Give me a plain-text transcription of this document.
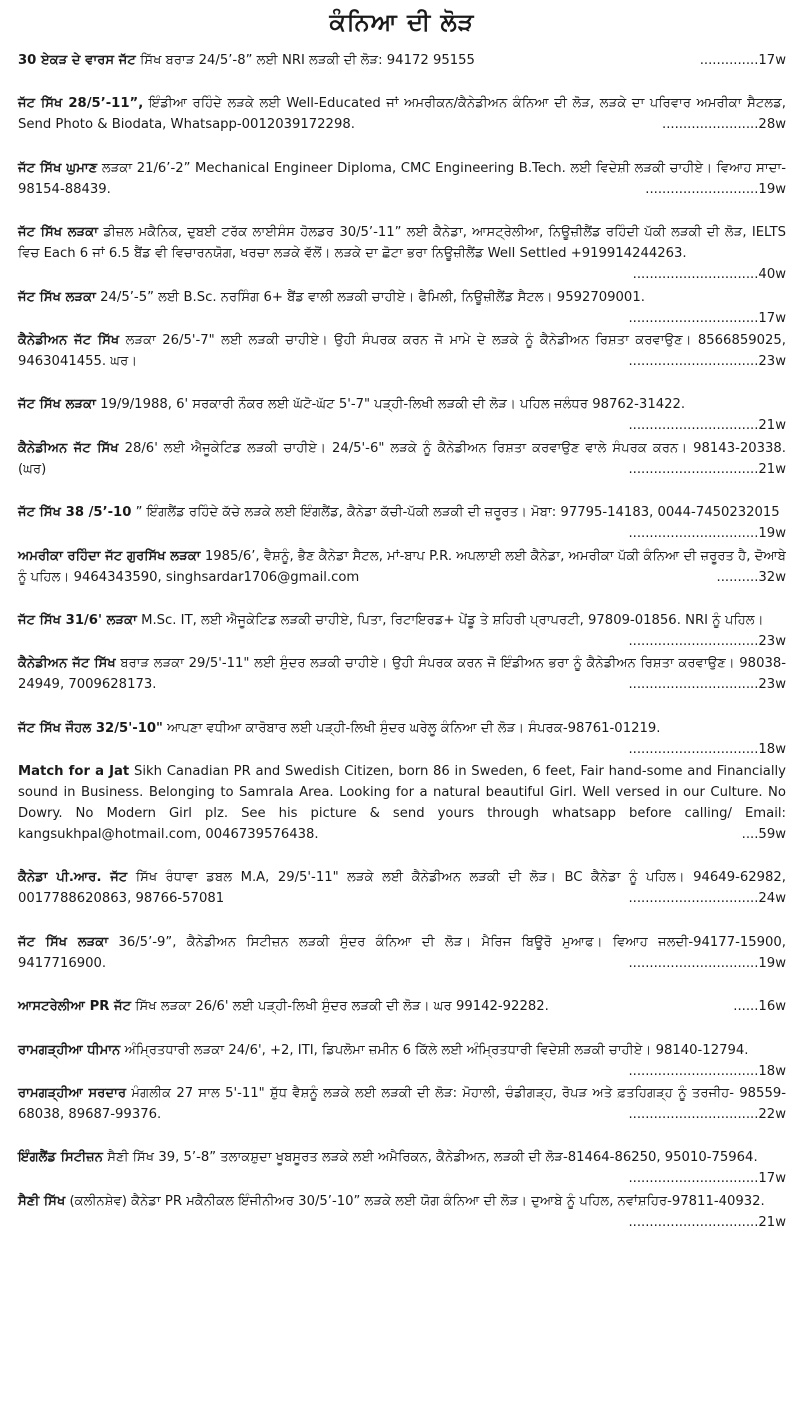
ਕੰਨਿਆ ਦੀ ਲੋੜ
30 ਏਕੜ ਦੇ ਵਾਰਸ ਜੱਟ ਸਿੱਖ ਬਰਾੜ 24/5’-8” ਲਈ NRI ਲੜਕੀ ਦੀ ਲੋੜ: 94172 95155	..............17w
ਜੱਟ ਸਿੱਖ 28/5’-11”, ਇੰਡੀਆ ਰਹਿੰਦੇ ਲੜਕੇ ਲਈ Well-Educated ਜਾਂ ਅਮਰੀਕਨ/ਕੈਨੇਡੀਅਨ ਕੰਨਿਆ ਦੀ ਲੋੜ, ਲੜਕੇ ਦਾ ਪਰਿਵਾਰ ਅਮਰੀਕਾ ਸੈਟਲਡ, Send Photo & Biodata, Whatsapp-0012039172298.	.......................28w
ਜੱਟ ਸਿੱਖ ਘੁਮਾਣ ਲੜਕਾ 21/6’-2” Mechanical Engineer Diploma, CMC Engineering B.Tech. ਲਈ ਵਿਦੇਸ਼ੀ ਲੜਕੀ ਚਾਹੀਏ। ਵਿਆਹ ਸਾਦਾ- 98154-88439.	...........................19w
ਜੱਟ ਸਿੱਖ ਲੜਕਾ ਡੀਜ਼ਲ ਮਕੈਨਿਕ, ਦੁਬਈ ਟਰੱਕ ਲਾਈਸੰਸ ਹੋਲਡਰ 30/5’-11” ਲਈ ਕੈਨੇਡਾ, ਆਸਟ੍ਰੇਲੀਆ, ਨਿਊਜ਼ੀਲੈਂਡ ਰਹਿੰਦੀ ਪੱਕੀ ਲੜਕੀ ਦੀ ਲੋੜ, IELTS ਵਿਚ Each 6 ਜਾਂ 6.5 ਬੈਂਡ ਵੀ ਵਿਚਾਰਨਯੋਗ, ਖਰਚਾ ਲੜਕੇ ਵੱਲੋਂ। ਲੜਕੇ ਦਾ ਛੋਟਾ ਭਰਾ ਨਿਊਜ਼ੀਲੈਂਡ Well Settled +919914244263.
..............................40w
ਜੱਟ ਸਿੱਖ ਲੜਕਾ 24/5’-5” ਲਈ B.Sc. ਨਰਸਿੰਗ 6+ ਬੈਂਡ ਵਾਲੀ ਲੜਕੀ ਚਾਹੀਏ। ਫੈਮਿਲੀ, ਨਿਊਜ਼ੀਲੈਂਡ ਸੈਟਲ। 9592709001.
...............................17w
ਕੈਨੇਡੀਅਨ ਜੱਟ ਸਿੱਖ ਲੜਕਾ 26/5'-7" ਲਈ ਲੜਕੀ ਚਾਹੀਏ। ਉਹੀ ਸੰਪਰਕ ਕਰਨ ਜੋ ਮਾਮੇ ਦੇ ਲੜਕੇ ਨੂੰ ਕੈਨੇਡੀਅਨ ਰਿਸ਼ਤਾ ਕਰਵਾਉਣ। 8566859025, 9463041455. ਘਰ।	...............................23w
ਜੱਟ ਸਿੱਖ ਲੜਕਾ 19/9/1988, 6' ਸਰਕਾਰੀ ਨੌਕਰ ਲਈ ਘੱਟੋ-ਘੱਟ 5'-7" ਪੜ੍ਹੀ-ਲਿਖੀ ਲੜਕੀ ਦੀ ਲੋੜ। ਪਹਿਲ ਜਲੰਧਰ 98762-31422.
...............................21w
ਕੈਨੇਡੀਅਨ ਜੱਟ ਸਿੱਖ 28/6' ਲਈ ਐਜੂਕੇਟਿਡ ਲੜਕੀ ਚਾਹੀਏ। 24/5'-6" ਲੜਕੇ ਨੂੰ ਕੈਨੇਡੀਅਨ ਰਿਸ਼ਤਾ ਕਰਵਾਉਣ ਵਾਲੇ ਸੰਪਰਕ ਕਰਨ। 98143-20338. (ਘਰ)	...............................21w
ਜੱਟ ਸਿੱਖ 38 /5’-10 ” ਇੰਗਲੈਂਡ ਰਹਿੰਦੇ ਕੱਚੇ ਲੜਕੇ ਲਈ ਇੰਗਲੈਂਡ, ਕੈਨੇਡਾ ਕੱਚੀ-ਪੱਕੀ ਲੜਕੀ ਦੀ ਜ਼ਰੂਰਤ। ਮੋਬਾ: 97795-14183, 0044-7450232015
...............................19w
ਅਮਰੀਕਾ ਰਹਿੰਦਾ ਜੱਟ ਗੁਰਸਿੱਖ ਲੜਕਾ 1985/6’, ਵੈਸ਼ਨੂੰ, ਭੈਣ ਕੈਨੇਡਾ ਸੈਟਲ, ਮਾਂ-ਬਾਪ P.R. ਅਪਲਾਈ ਲਈ ਕੈਨੇਡਾ, ਅਮਰੀਕਾ ਪੱਕੀ ਕੰਨਿਆ ਦੀ ਜ਼ਰੂਰਤ ਹੈ, ਦੋਆਬੇ ਨੂੰ ਪਹਿਲ। 9464343590, singhsardar1706@gmail.com	..........32w
ਜੱਟ ਸਿੱਖ 31/6' ਲੜਕਾ M.Sc. IT, ਲਈ ਐਜੂਕੇਟਿਡ ਲੜਕੀ ਚਾਹੀਏ, ਪਿਤਾ, ਰਿਟਾਇਰਡ+ ਪੇਂਡੂ ਤੇ ਸ਼ਹਿਰੀ ਪ੍ਰਾਪਰਟੀ, 97809-01856. NRI ਨੂੰ ਪਹਿਲ।
...............................23w
ਕੈਨੇਡੀਅਨ ਜੱਟ ਸਿੱਖ ਬਰਾੜ ਲੜਕਾ 29/5'-11" ਲਈ ਸੁੰਦਰ ਲੜਕੀ ਚਾਹੀਏ। ਉਹੀ ਸੰਪਰਕ ਕਰਨ ਜੋ ਇੰਡੀਅਨ ਭਰਾ ਨੂੰ ਕੈਨੇਡੀਅਨ ਰਿਸ਼ਤਾ ਕਰਵਾਉਣ। 98038-24949, 7009628173.	...............................23w
ਜੱਟ ਸਿੱਖ ਜੌਹਲ 32/5'-10" ਆਪਣਾ ਵਧੀਆ ਕਾਰੋਬਾਰ ਲਈ ਪੜ੍ਹੀ-ਲਿਖੀ ਸੁੰਦਰ ਘਰੇਲੂ ਕੰਨਿਆ ਦੀ ਲੋੜ। ਸੰਪਰਕ-98761-01219.
...............................18w
Match for a Jat Sikh Canadian PR and Swedish Citizen, born 86 in Sweden, 6 feet, Fair hand-some and Financially sound in Business. Belonging to Samrala Area. Looking for a natural beautiful Girl. Well versed in our Culture. No Dowry. No Modern Girl plz. See his picture & send yours through whatsapp before calling/ Email: kangsukhpal@hotmail.com, 0046739576438.	....59w
ਕੈਨੇਡਾ ਪੀ.ਆਰ. ਜੱਟ ਸਿੱਖ ਰੰਧਾਵਾ ਡਬਲ M.A, 29/5'-11" ਲੜਕੇ ਲਈ ਕੈਨੇਡੀਅਨ ਲੜਕੀ ਦੀ ਲੋੜ। BC ਕੈਨੇਡਾ ਨੂੰ ਪਹਿਲ। 94649-62982, 0017788620863, 98766-57081	...............................24w
ਜੱਟ ਸਿੱਖ ਲੜਕਾ 36/5’-9”, ਕੈਨੇਡੀਅਨ ਸਿਟੀਜ਼ਨ ਲੜਕੀ ਸੁੰਦਰ ਕੰਨਿਆ ਦੀ ਲੋੜ। ਮੈਰਿਜ ਬਿਊਰੋ ਮੁਆਫ। ਵਿਆਹ ਜਲਦੀ-94177-15900, 9417716900.	...............................19w
ਆਸਟਰੇਲੀਆ PR ਜੱਟ ਸਿੱਖ ਲੜਕਾ 26/6' ਲਈ ਪੜ੍ਹੀ-ਲਿਖੀ ਸੁੰਦਰ ਲੜਕੀ ਦੀ ਲੋੜ। ਘਰ 99142-92282.	......16w
ਰਾਮਗੜ੍ਹੀਆ ਧੀਮਾਨ ਅੰਮ੍ਰਿਤਧਾਰੀ ਲੜਕਾ 24/6', +2, ITI, ਡਿਪਲੋਮਾ ਜ਼ਮੀਨ 6 ਕਿੱਲੇ ਲਈ ਅੰਮ੍ਰਿਤਧਾਰੀ ਵਿਦੇਸ਼ੀ ਲੜਕੀ ਚਾਹੀਏ। 98140-12794.
...............................18w
ਰਾਮਗੜ੍ਹੀਆ ਸਰਦਾਰ ਮੰਗਲੀਕ 27 ਸਾਲ 5'-11" ਸ਼ੁੱਧ ਵੈਸ਼ਨੂੰ ਲੜਕੇ ਲਈ ਲੜਕੀ ਦੀ ਲੋੜ: ਮੋਹਾਲੀ, ਚੰਡੀਗੜ੍ਹ, ਰੋਪੜ ਅਤੇ ਫ਼ਤਹਿਗੜ੍ਹ ਨੂੰ ਤਰਜੀਹ- 98559-68038, 89687-99376.	...............................22w
ਇੰਗਲੈਂਡ ਸਿਟੀਜ਼ਨ ਸੈਣੀ ਸਿੱਖ 39, 5’-8” ਤਲਾਕਸ਼ੁਦਾ ਖੂਬਸੂਰਤ ਲੜਕੇ ਲਈ ਅਮੈਰਿਕਨ, ਕੈਨੇਡੀਅਨ, ਲੜਕੀ ਦੀ ਲੋੜ-81464-86250, 95010-75964.
...............................17w
ਸੈਣੀ ਸਿੱਖ (ਕਲੀਨਸ਼ੇਵ) ਕੈਨੇਡਾ PR ਮਕੈਨੀਕਲ ਇੰਜੀਨੀਅਰ 30/5’-10” ਲੜਕੇ ਲਈ ਯੋਗ ਕੰਨਿਆ ਦੀ ਲੋੜ। ਦੁਆਬੇ ਨੂੰ ਪਹਿਲ, ਨਵਾਂਸ਼ਹਿਰ-97811-40932.
...............................21w
